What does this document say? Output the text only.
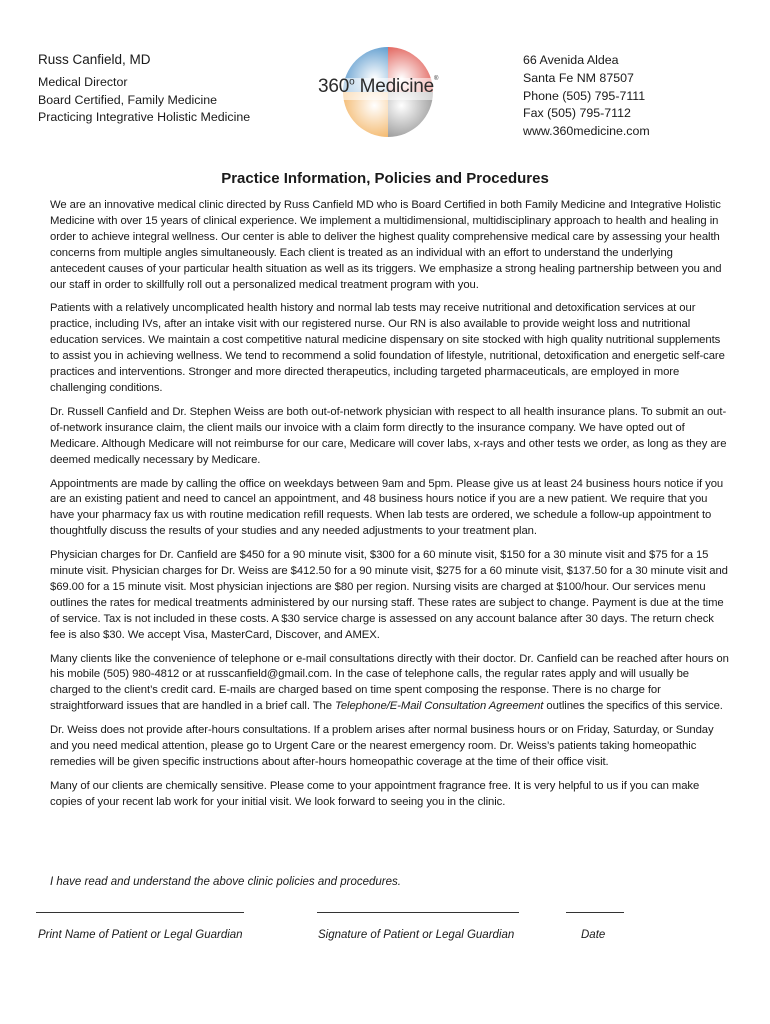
Russ Canfield, MD
Medical Director
Board Certified, Family Medicine
Practicing Integrative Holistic Medicine
360$^o$ Medicine®
66 Avenida Aldea
Santa Fe NM 87507
Phone (505) 795-7111
Fax (505) 795-7112
www.360medicine.com
Practice Information, Policies and Procedures

We are an innovative medical clinic directed by Russ Canfield MD who is Board Certified in both Family Medicine and Integrative Holistic Medicine with over 15 years of clinical experience. We implement a multidimensional, multidisciplinary approach to health and healing in order to achieve integral wellness. Our center is able to deliver the highest quality comprehensive medical care by assessing your health concerns from multiple angles simultaneously. Each client is treated as an individual with an effort to understand the underlying antecedent causes of your particular health situation as well as its triggers. We emphasize a strong healing partnership between you and our staff in order to skillfully roll out a personalized medical treatment program with you.

Patients with a relatively uncomplicated health history and normal lab tests may receive nutritional and detoxification services at our practice, including IVs, after an intake visit with our registered nurse. Our RN is also available to provide weight loss and nutritional education services. We maintain a cost competitive natural medicine dispensary on site stocked with high quality nutritional supplements to assist you in achieving wellness. We tend to recommend a solid foundation of lifestyle, nutritional, detoxification and energetic self-care practices and interventions. Stronger and more directed therapeutics, including targeted pharmaceuticals, are employed in more challenging conditions.

Dr. Russell Canfield and Dr. Stephen Weiss are both out-of-network physician with respect to all health insurance plans. To submit an out-of-network insurance claim, the client mails our invoice with a claim form directly to the insurance company. We have opted out of Medicare. Although Medicare will not reimburse for our care, Medicare will cover labs, x-rays and other tests we order, as long as they are deemed medically necessary by Medicare.

Appointments are made by calling the office on weekdays between 9am and 5pm. Please give us at least 24 business hours notice if you are an existing patient and need to cancel an appointment, and 48 business hours notice if you are a new patient. We require that you have your pharmacy fax us with routine medication refill requests. When lab tests are ordered, we schedule a follow-up appointment to thoughtfully discuss the results of your studies and any needed adjustments to your treatment plan.

Physician charges for Dr. Canfield are $450 for a 90 minute visit, $300 for a 60 minute visit, $150 for a 30 minute visit and $75 for a 15 minute visit. Physician charges for Dr. Weiss are $412.50 for a 90 minute visit, $275 for a 60 minute visit, $137.50 for a 30 minute visit and $69.00 for a 15 minute visit. Most physician injections are $80 per region. Nursing visits are charged at $100/hour. Our services menu outlines the rates for medical treatments administered by our nursing staff. These rates are subject to change. Payment is due at the time of service. Tax is not included in these costs. A $30 service charge is assessed on any account balance after 30 days. The return check fee is also $30. We accept Visa, MasterCard, Discover, and AMEX.

Many clients like the convenience of telephone or e-mail consultations directly with their doctor. Dr. Canfield can be reached after hours on his mobile (505) 980-4812 or at russcanfield@gmail.com. In the case of telephone calls, the regular rates apply and will usually be charged to the client’s credit card. E-mails are charged based on time spent composing the response. There is no charge for straightforward issues that are handled in a brief call. The Telephone/E-Mail Consultation Agreement outlines the specifics of this service.

Dr. Weiss does not provide after-hours consultations. If a problem arises after normal business hours or on Friday, Saturday, or Sunday and you need medical attention, please go to Urgent Care or the nearest emergency room. Dr. Weiss’s patients taking homeopathic remedies will be given specific instructions about after-hours homeopathic coverage at the time of their office visit.

Many of our clients are chemically sensitive. Please come to your appointment fragrance free. It is very helpful to us if you can make copies of your recent lab work for your initial visit. We look forward to seeing you in the clinic.

I have read and understand the above clinic policies and procedures.
Print Name of Patient or Legal Guardian	Signature of Patient or Legal Guardian	Date
